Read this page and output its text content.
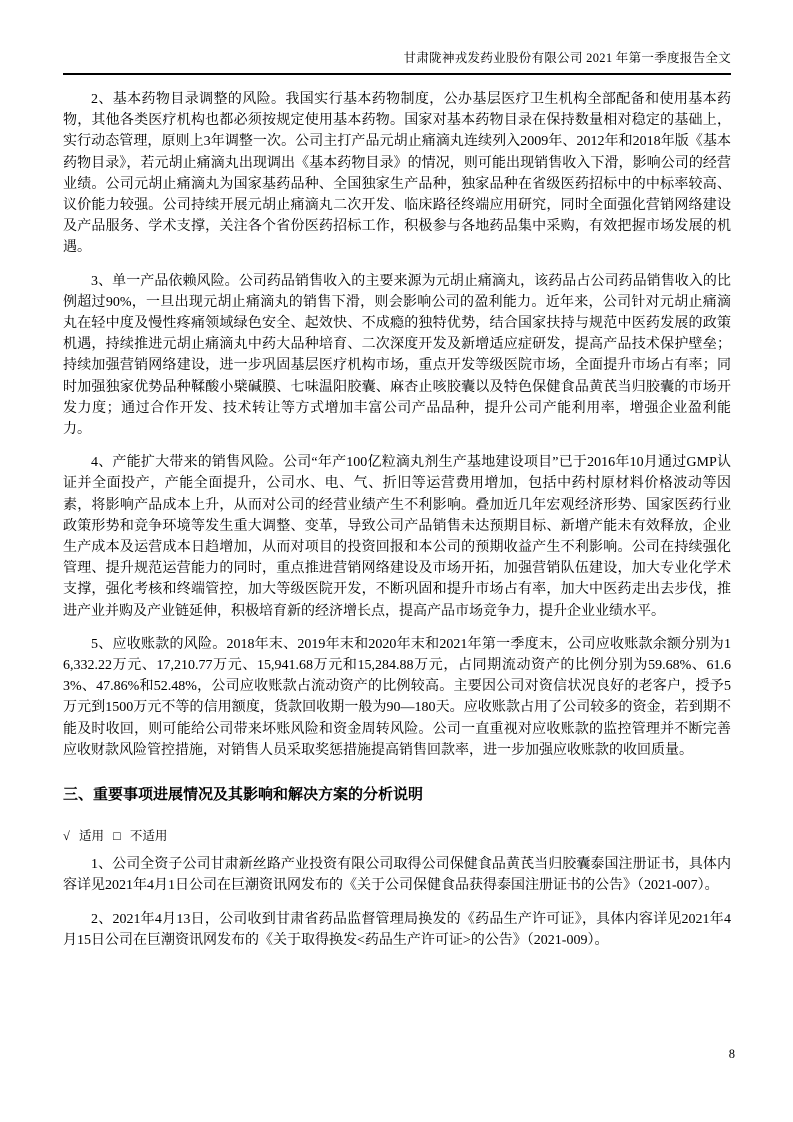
甘肃陇神戎发药业股份有限公司 2021 年第一季度报告全文

2、基本药物目录调整的风险。我国实行基本药物制度，公办基层医疗卫生机构全部配备和使用基本药物，其他各类医疗机构也都必须按规定使用基本药物。国家对基本药物目录在保持数量相对稳定的基础上，实行动态管理，原则上3年调整一次。公司主打产品元胡止痛滴丸连续列入2009年、2012年和2018年版《基本药物目录》，若元胡止痛滴丸出现调出《基本药物目录》的情况，则可能出现销售收入下滑，影响公司的经营业绩。公司元胡止痛滴丸为国家基药品种、全国独家生产品种，独家品种在省级医药招标中的中标率较高、议价能力较强。公司持续开展元胡止痛滴丸二次开发、临床路径终端应用研究，同时全面强化营销网络建设及产品服务、学术支撑，关注各个省份医药招标工作，积极参与各地药品集中采购，有效把握市场发展的机遇。

3、单一产品依赖风险。公司药品销售收入的主要来源为元胡止痛滴丸，该药品占公司药品销售收入的比例超过90%，一旦出现元胡止痛滴丸的销售下滑，则会影响公司的盈利能力。近年来，公司针对元胡止痛滴丸在轻中度及慢性疼痛领域绿色安全、起效快、不成瘾的独特优势，结合国家扶持与规范中医药发展的政策机遇，持续推进元胡止痛滴丸中药大品种培育、二次深度开发及新增适应症研发，提高产品技术保护壁垒；持续加强营销网络建设，进一步巩固基层医疗机构市场，重点开发等级医院市场，全面提升市场占有率；同时加强独家优势品种鞣酸小檗碱膜、七味温阳胶囊、麻杏止咳胶囊以及特色保健食品黄芪当归胶囊的市场开发力度；通过合作开发、技术转让等方式增加丰富公司产品品种，提升公司产能利用率，增强企业盈利能力。

4、产能扩大带来的销售风险。公司“年产100亿粒滴丸剂生产基地建设项目”已于2016年10月通过GMP认证并全面投产，产能全面提升，公司水、电、气、折旧等运营费用增加，包括中药村原材料价格波动等因素，将影响产品成本上升，从而对公司的经营业绩产生不利影响。叠加近几年宏观经济形势、国家医药行业政策形势和竞争环境等发生重大调整、变革，导致公司产品销售未达预期目标、新增产能未有效释放，企业生产成本及运营成本日趋增加，从而对项目的投资回报和本公司的预期收益产生不利影响。公司在持续强化管理、提升规范运营能力的同时，重点推进营销网络建设及市场开拓，加强营销队伍建设，加大专业化学术支撑，强化考核和终端管控，加大等级医院开发，不断巩固和提升市场占有率，加大中医药走出去步伐，推进产业并购及产业链延伸，积极培育新的经济增长点，提高产品市场竞争力，提升企业业绩水平。

5、应收账款的风险。2018年末、2019年末和2020年末和2021年第一季度末，公司应收账款余额分别为16,332.22万元、17,210.77万元、15,941.68万元和15,284.88万元，占同期流动资产的比例分别为59.68%、61.63%、47.86%和52.48%，公司应收账款占流动资产的比例较高。主要因公司对资信状况良好的老客户，授予5万元到1500万元不等的信用额度，货款回收期一般为90—180天。应收账款占用了公司较多的资金，若到期不能及时收回，则可能给公司带来坏账风险和资金周转风险。公司一直重视对应收账款的监控管理并不断完善应收财款风险管控措施，对销售人员采取奖惩措施提高销售回款率，进一步加强应收账款的收回质量。

三、重要事项进展情况及其影响和解决方案的分析说明
√ 适用 □ 不适用

1、公司全资子公司甘肃新丝路产业投资有限公司取得公司保健食品黄芪当归胶囊泰国注册证书，具体内容详见2021年4月1日公司在巨潮资讯网发布的《关于公司保健食品获得泰国注册证书的公告》（2021-007）。

2、2021年4月13日，公司收到甘肃省药品监督管理局换发的《药品生产许可证》，具体内容详见2021年4月15日公司在巨潮资讯网发布的《关于取得换发<药品生产许可证>的公告》（2021-009）。

8
